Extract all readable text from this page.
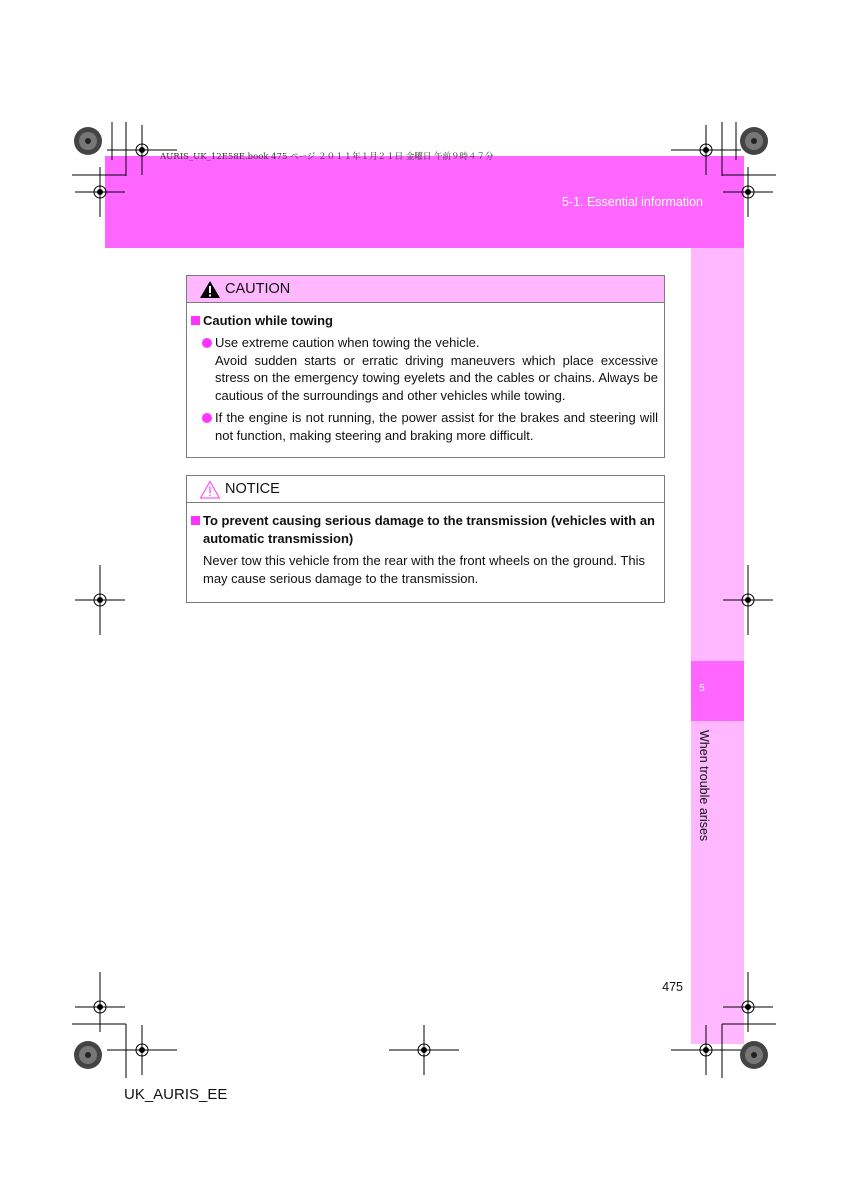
AURIS_UK_12E58E.book 475 ページ ２０１１年１月２１日 金曜日 午前９時４７分
5-1. Essential information
5
When trouble arises
CAUTION
Caution while towing
Use extreme caution when towing the vehicle.

Avoid sudden starts or erratic driving maneuvers which place excessive stress on the emergency towing eyelets and the cables or chains. Always be cautious of the surroundings and other vehicles while towing.
If the engine is not running, the power assist for the brakes and steering will not function, making steering and braking more difficult.
NOTICE
To prevent causing serious damage to the transmission (vehicles with an automatic transmission)
Never tow this vehicle from the rear with the front wheels on the ground. This may cause serious damage to the transmission.
475
UK_AURIS_EE
